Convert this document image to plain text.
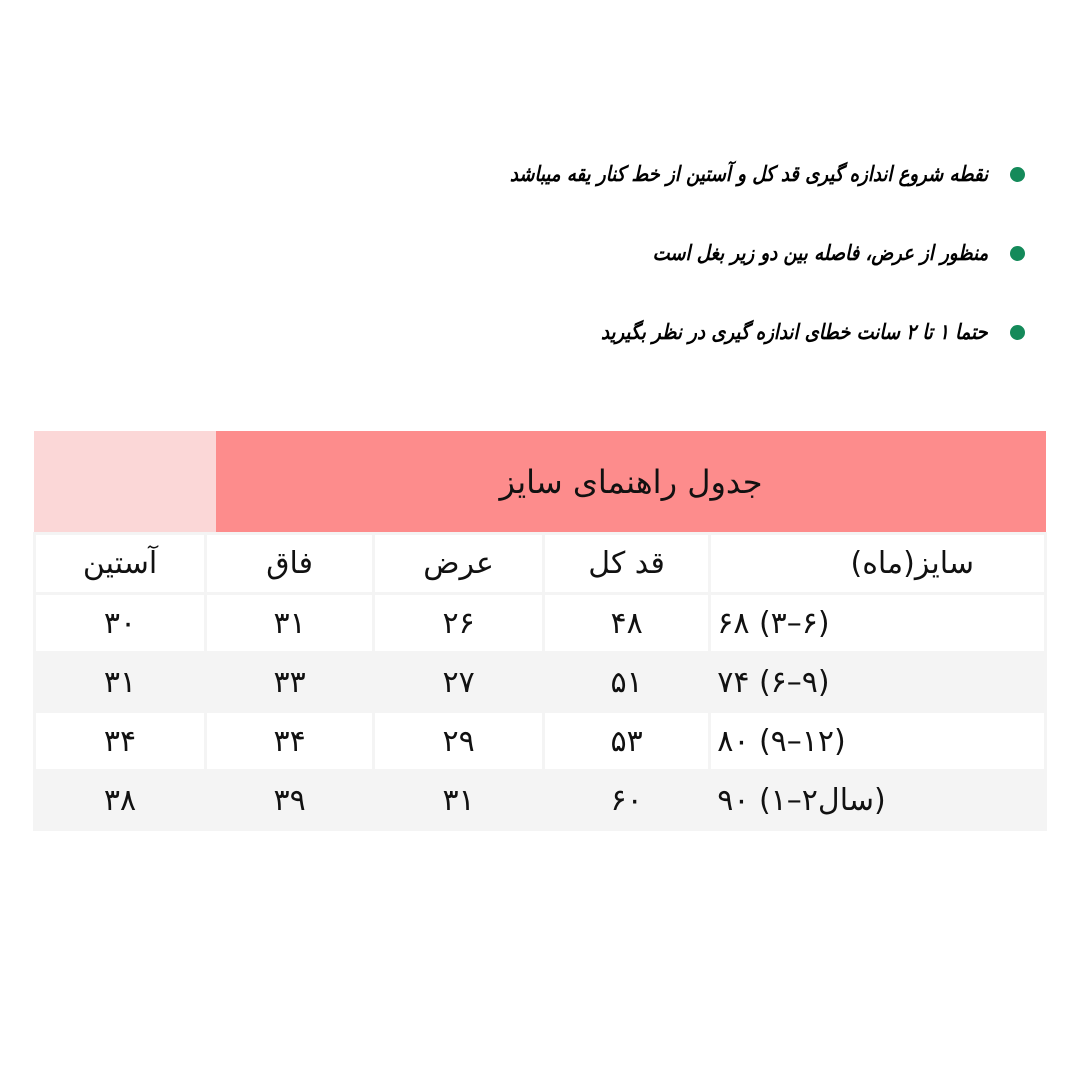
نقطه شروع اندازه گیری قد کل و آستین از خط کنار یقه میباشد
منظور از عرض، فاصله بین دو زیر بغل است
حتما ۱ تا ۲ سانت خطای اندازه گیری در نظر بگیرید
جدول راهنمای سایز
آستین	فاق	عرض	قد کل	سایز(ماه)
۳۰	۳۱	۲۶	۴۸	۶۸ (۳–۶)
۳۱	۳۳	۲۷	۵۱	۷۴ (۶–۹)
۳۴	۳۴	۲۹	۵۳	۸۰ (۹–۱۲)
۳۸	۳۹	۳۱	۶۰	۹۰ (۱–۲سال)
